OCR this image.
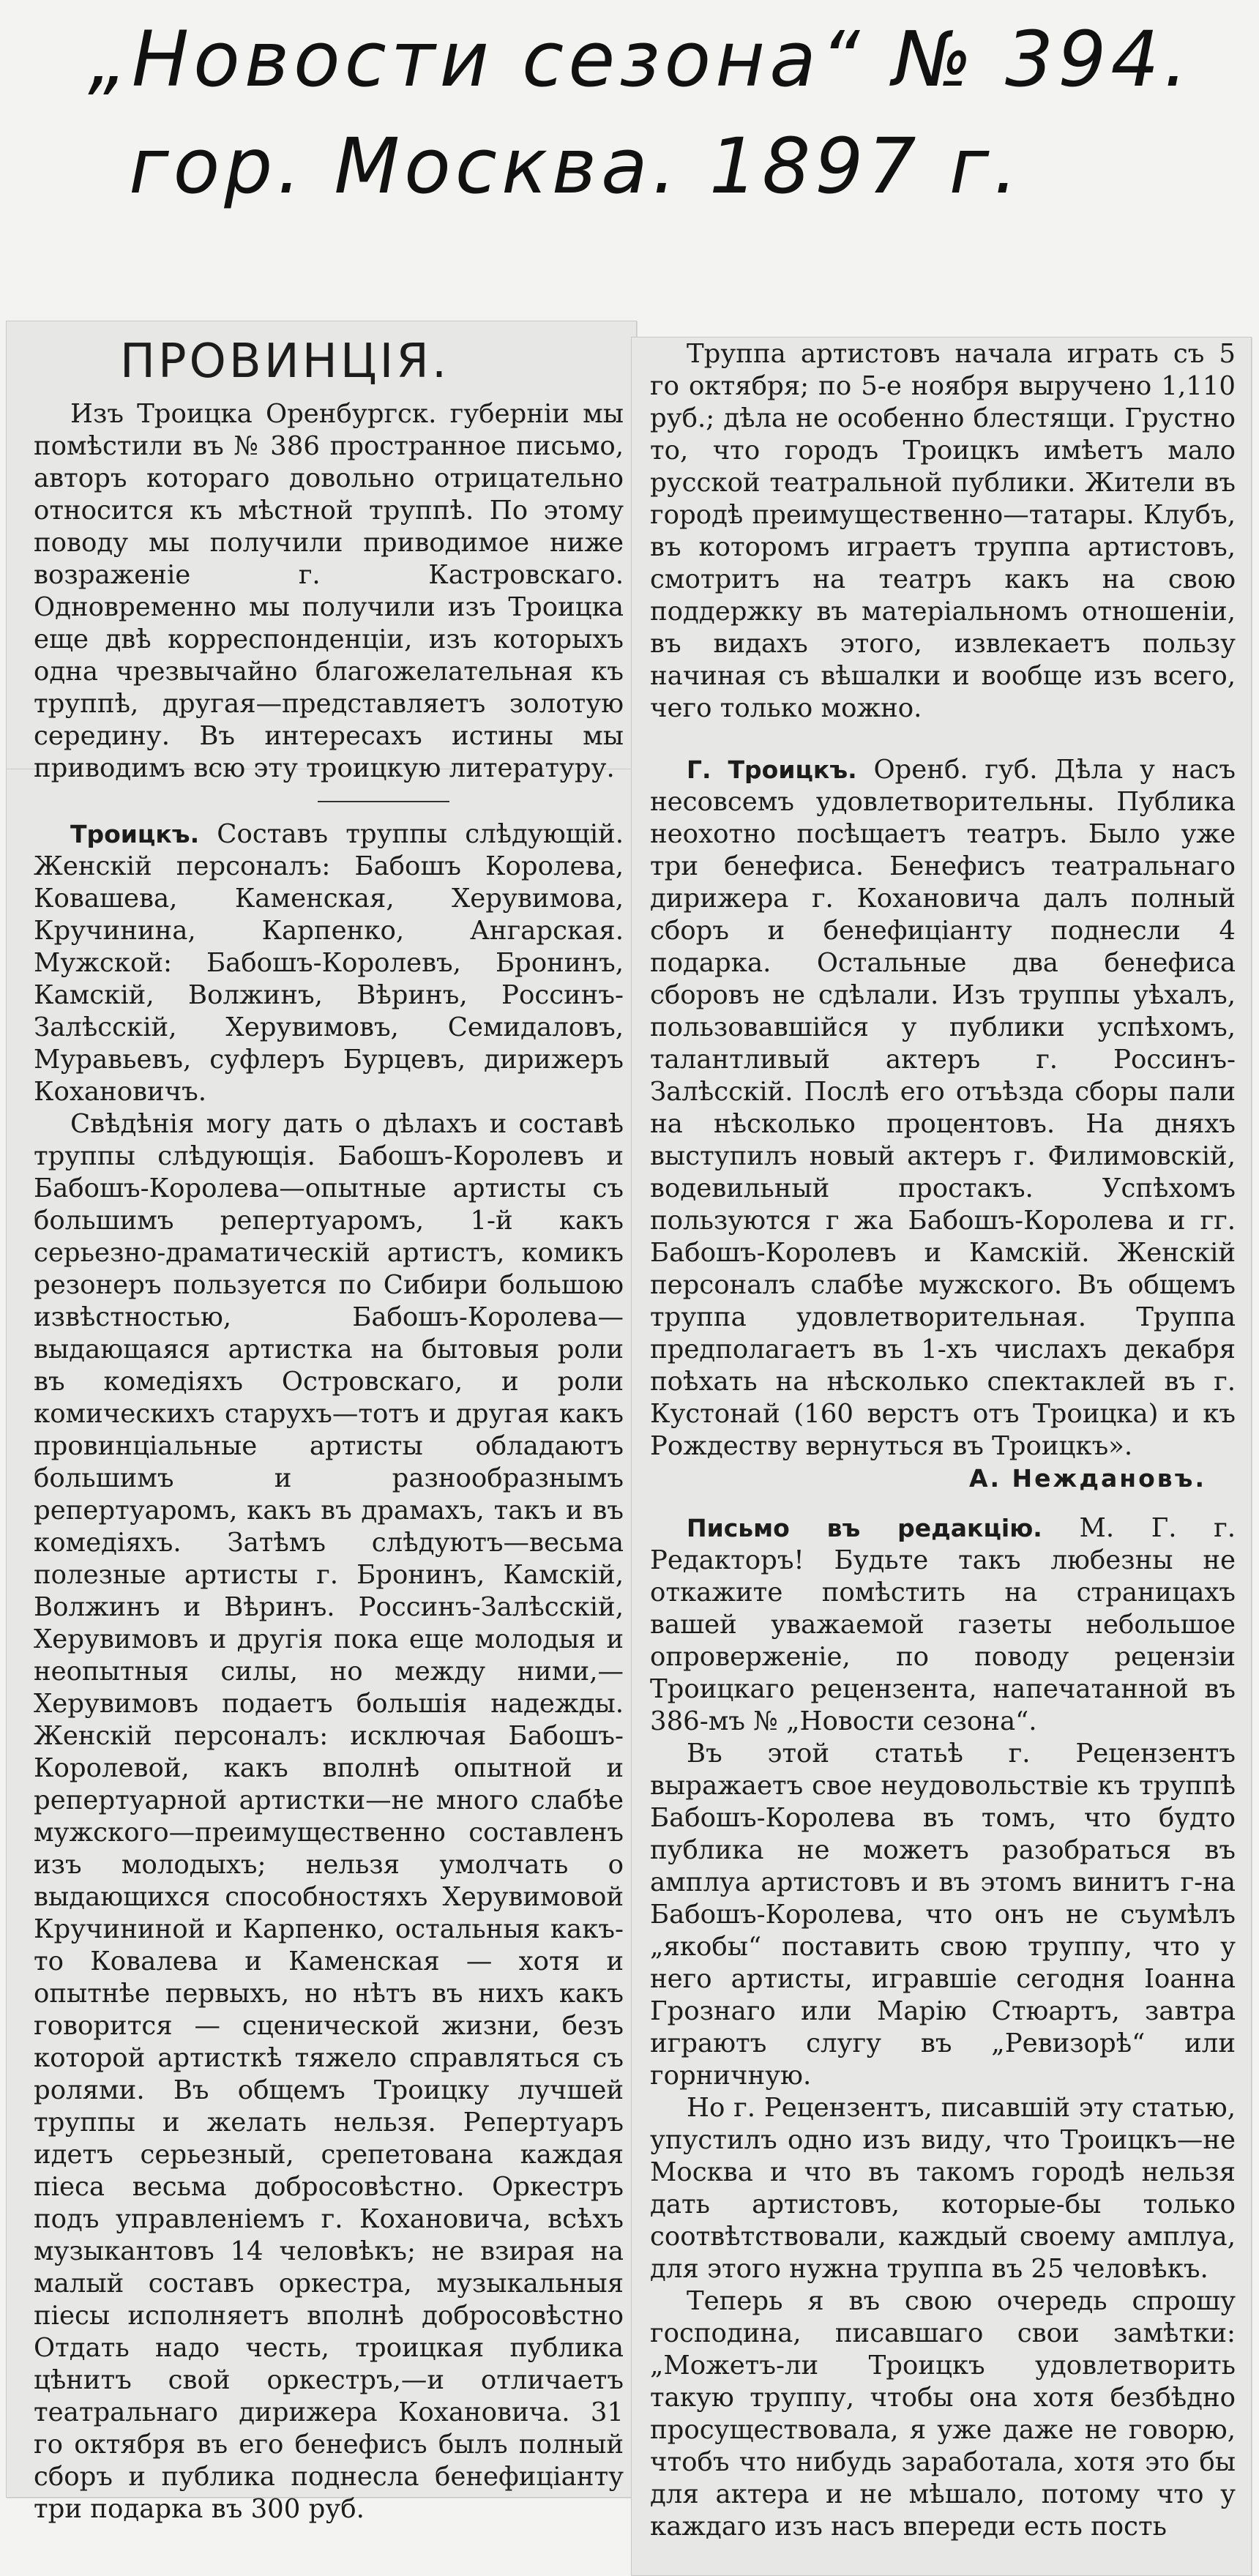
„Новости сезона“ № 394.
гор. Москва. 1897 г.

ПРОВИНЦІЯ.

Изъ Троицка Оренбургск. губерніи мы помѣстили въ № 386 пространное письмо, авторъ котораго довольно отрицательно относится къ мѣстной труппѣ. По этому поводу мы получили приводимое ниже возраженіе г. Кастровскаго. Одновременно мы получили изъ Троицка еще двѣ корреспонденціи, изъ которыхъ одна чрезвычайно благожелательная къ труппѣ, другая—представляетъ золотую середину. Въ интересахъ истины мы приводимъ всю эту троицкую литературу.

Троицкъ. Составъ труппы слѣдующій. Женскій персоналъ: Бабошъ Королева, Ковашева, Каменская, Херувимова, Кручинина, Карпенко, Ангарская. Мужской: Бабошъ-Королевъ, Бронинъ, Камскій, Волжинъ, Вѣринъ, Россинъ-Залѣсскій, Херувимовъ, Семидаловъ, Муравьевъ, суфлеръ Бурцевъ, дирижеръ Кохановичъ.

Свѣдѣнія могу дать о дѣлахъ и составѣ труппы слѣдующія. Бабошъ-Королевъ и Бабошъ-Королева—опытные артисты съ большимъ репертуаромъ, 1-й какъ серьезно-драматическій артистъ, комикъ резонеръ пользуется по Сибири большою извѣстностью, Бабошъ-Королева—выдающаяся артистка на бытовыя роли въ комедіяхъ Островскаго, и роли комическихъ старухъ—тотъ и другая какъ провинціальные артисты обладаютъ большимъ и разнообразнымъ репертуаромъ, какъ въ драмахъ, такъ и въ комедіяхъ. Затѣмъ слѣдуютъ—весьма полезные артисты г. Бронинъ, Камскій, Волжинъ и Вѣринъ. Россинъ-Залѣсскій, Херувимовъ и другія пока еще молодыя и неопытныя силы, но между ними,—Херувимовъ подаетъ большія надежды. Женскій персоналъ: исключая Бабошъ-Королевой, какъ вполнѣ опытной и репертуарной артистки—не много слабѣе мужского—преимущественно составленъ изъ молодыхъ; нельзя умолчать о выдающихся способностяхъ Херувимовой Кручининой и Карпенко, остальныя какъ-то Ковалева и Каменская — хотя и опытнѣе первыхъ, но нѣтъ въ нихъ какъ говорится — сценической жизни, безъ которой артисткѣ тяжело справляться съ ролями. Въ общемъ Троицку лучшей труппы и желать нельзя. Репертуаръ идетъ серьезный, срепетована каждая піеса весьма добросовѣстно. Оркестръ подъ управленіемъ г. Кохановича, всѣхъ музыкантовъ 14 человѣкъ; не взирая на малый составъ оркестра, музыкальныя піесы исполняетъ вполнѣ добросовѣстно Отдать надо честь, троицкая публика цѣнитъ свой оркестръ,—и отличаетъ театральнаго дирижера Кохановича. 31 го октября въ его бенефисъ былъ полный сборъ и публика поднесла бенефиціанту три подарка въ 300 руб.

Труппа артистовъ начала играть съ 5 го октября; по 5-е ноября выручено 1,110 руб.; дѣла не особенно блестящи. Грустно то, что городъ Троицкъ имѣетъ мало русской театральной публики. Жители въ городѣ преимущественно—татары. Клубъ, въ которомъ играетъ труппа артистовъ, смотритъ на театръ какъ на свою поддержку въ матеріальномъ отношеніи, въ видахъ этого, извлекаетъ пользу начиная съ вѣшалки и вообще изъ всего, чего только можно.

Г. Троицкъ. Оренб. губ. Дѣла у насъ несовсемъ удовлетворительны. Публика неохотно посѣщаетъ театръ. Было уже три бенефиса. Бенефисъ театральнаго дирижера г. Кохановича далъ полный сборъ и бенефиціанту поднесли 4 подарка. Остальные два бенефиса сборовъ не сдѣлали. Изъ труппы уѣхалъ, пользовавшійся у публики успѣхомъ, талантливый актеръ г. Россинъ-Залѣсскій. Послѣ его отъѣзда сборы пали на нѣсколько процентовъ. На дняхъ выступилъ новый актеръ г. Филимовскій, водевильный простакъ. Успѣхомъ пользуются г жа Бабошъ-Королева и гг. Бабошъ-Королевъ и Камскій. Женскій персоналъ слабѣе мужского. Въ общемъ труппа удовлетворительная. Труппа предполагаетъ въ 1-хъ числахъ декабря поѣхать на нѣсколько спектаклей въ г. Кустонай (160 верстъ отъ Троицка) и къ Рождеству вернуться въ Троицкъ».

А. Неждановъ.

Письмо въ редакцію. М. Г. г. Редакторъ! Будьте такъ любезны не откажите помѣстить на страницахъ вашей уважаемой газеты небольшое опроверженіе, по поводу рецензіи Троицкаго рецензента, напечатанной въ 386-мъ № „Новости сезона“.

Въ этой статьѣ г. Рецензентъ выражаетъ свое неудовольствіе къ труппѣ Бабошъ-Королева въ томъ, что будто публика не можетъ разобраться въ амплуа артистовъ и въ этомъ винитъ г-на Бабошъ-Королева, что онъ не съумѣлъ „якобы“ поставить свою труппу, что у него артисты, игравшіе сегодня Іоанна Грознаго или Марію Стюартъ, завтра играютъ слугу въ „Ревизорѣ“ или горничную.

Но г. Рецензентъ, писавшій эту статью, упустилъ одно изъ виду, что Троицкъ—не Москва и что въ такомъ городѣ нельзя дать артистовъ, которые-бы только соотвѣтствовали, каждый своему амплуа, для этого нужна труппа въ 25 человѣкъ.

Теперь я въ свою очередь спрошу господина, писавшаго свои замѣтки: „Можетъ-ли Троицкъ удовлетворить такую труппу, чтобы она хотя безбѣдно просуществовала, я уже даже не говорю, чтобъ что нибудь заработала, хотя это бы для актера и не мѣшало, потому что у каждаго изъ насъ впереди есть пость
